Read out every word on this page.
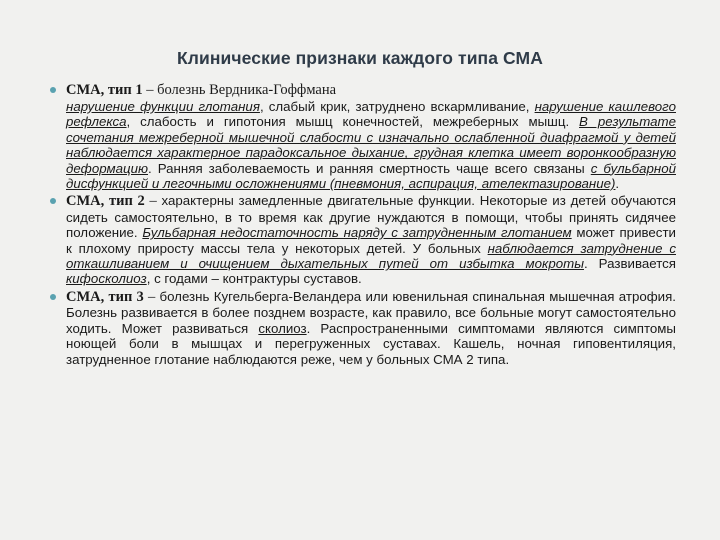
Клинические признаки каждого типа СМА
СМА, тип 1 – болезнь Вердника-Гоффмана
нарушение функции глотания, слабый крик, затруднено вскармливание, нарушение кашлевого рефлекса, слабость и гипотония мышц конечностей, межреберных мышц. В результате сочетания межреберной мышечной слабости с изначально ослабленной диафрагмой у детей наблюдается характерное парадоксальное дыхание, грудная клетка имеет воронкообразную деформацию. Ранняя заболеваемость и ранняя смертность чаще всего связаны с бульбарной дисфункцией и легочными осложнениями (пневмония, аспирация, ателектазирование).
СМА, тип 2 – характерны замедленные двигательные функции. Некоторые из детей обучаются сидеть самостоятельно, в то время как другие нуждаются в помощи, чтобы принять сидячее положение. Бульбарная недостаточность наряду с затрудненным глотанием может привести к плохому приросту массы тела у некоторых детей. У больных наблюдается затруднение с откашливанием и очищением дыхательных путей от избытка мокроты. Развивается кифосколиоз, с годами – контрактуры суставов.
СМА, тип 3 – болезнь Кугельберга-Веландера или ювенильная спинальная мышечная атрофия. Болезнь развивается в более позднем возрасте, как правило, все больные могут самостоятельно ходить. Может развиваться сколиоз. Распространенными симптомами являются симптомы ноющей боли в мышцах и перегруженных суставах. Кашель, ночная гиповентиляция, затрудненное глотание наблюдаются реже, чем у больных СМА 2 типа.
